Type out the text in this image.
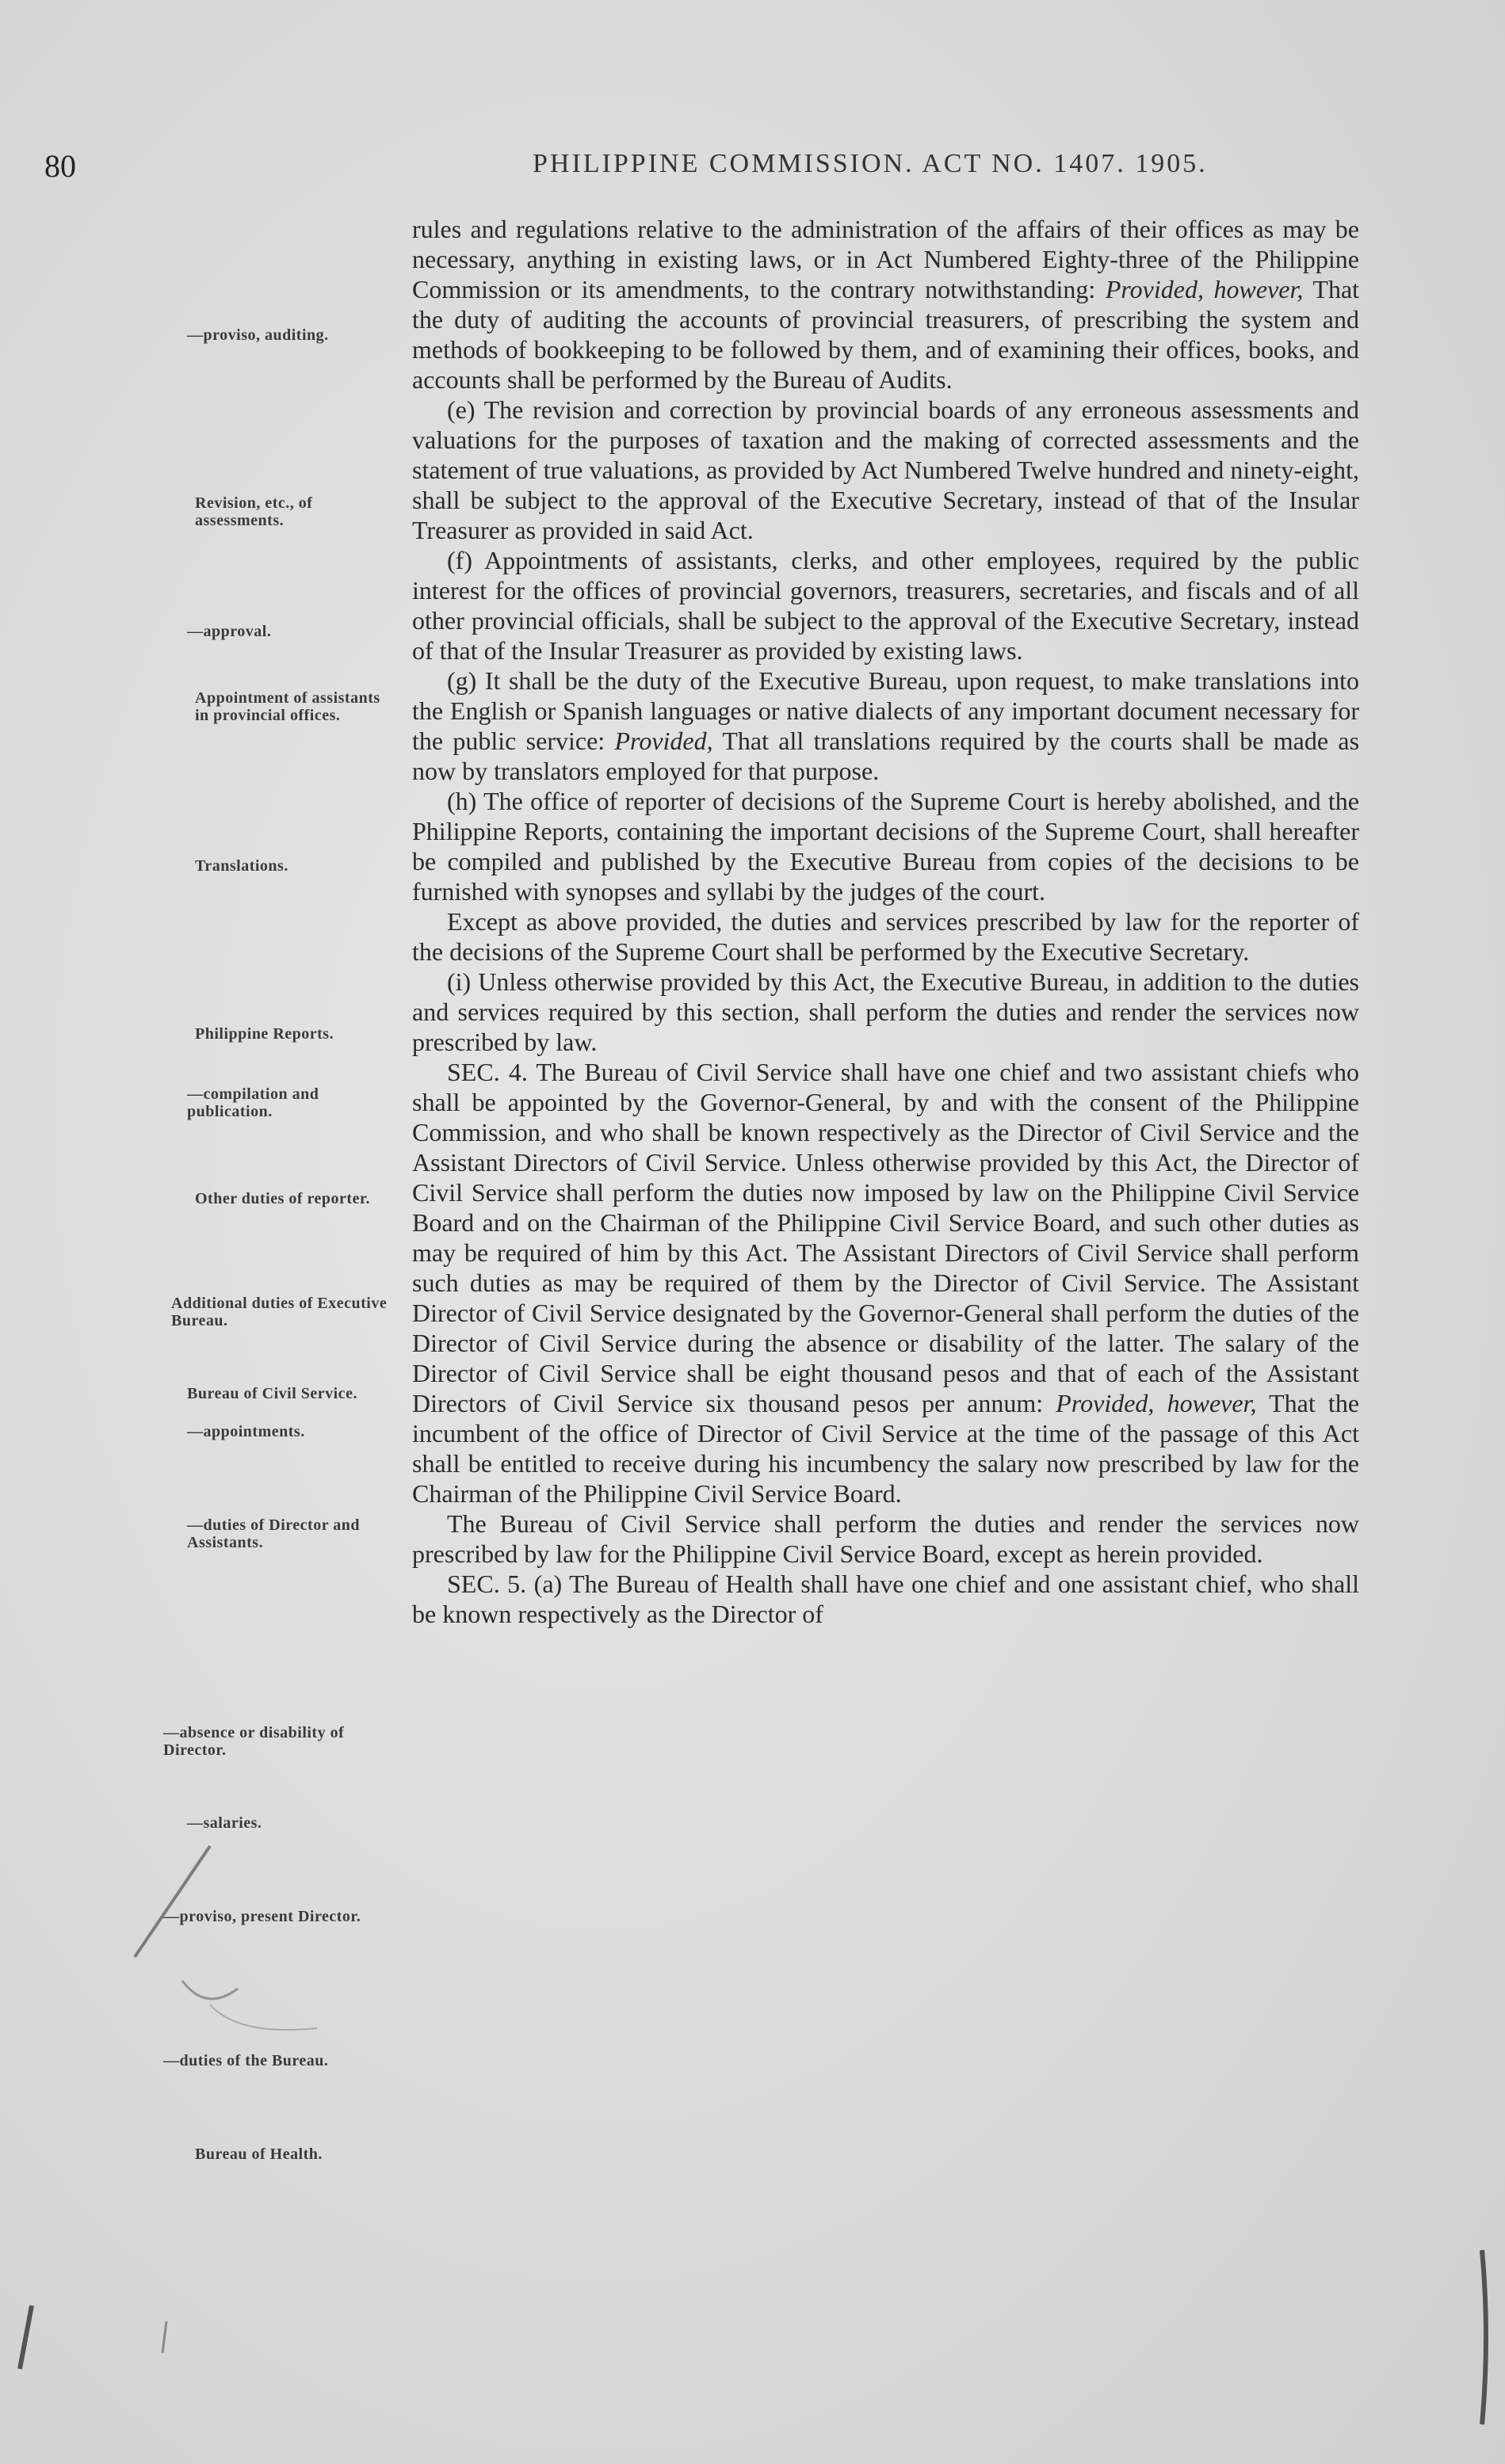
80	PHILIPPINE COMMISSION. ACT NO. 1407. 1905.
—proviso, auditing.
Revision, etc., of assessments.
—approval.
Appointment of assistants in provincial offices.
Translations.
Philippine Reports.
—compilation and publication.
Other duties of reporter.
Additional duties of Executive Bureau.
Bureau of Civil Service.
—appointments.
—duties of Director and Assistants.
—absence or disability of Director.
—salaries.
—proviso, present Director.
—duties of the Bureau.
Bureau of Health.

rules and regulations relative to the administration of the affairs of their offices as may be necessary, anything in existing laws, or in Act Numbered Eighty-three of the Philippine Commission or its amendments, to the contrary notwithstanding: Provided, however, That the duty of auditing the accounts of provincial treasurers, of prescribing the system and methods of bookkeeping to be followed by them, and of examining their offices, books, and accounts shall be performed by the Bureau of Audits.

(e) The revision and correction by provincial boards of any erroneous assessments and valuations for the purposes of taxation and the making of corrected assessments and the statement of true valuations, as provided by Act Numbered Twelve hundred and ninety-eight, shall be subject to the approval of the Executive Secretary, instead of that of the Insular Treasurer as provided in said Act.

(f) Appointments of assistants, clerks, and other employees, required by the public interest for the offices of provincial governors, treasurers, secretaries, and fiscals and of all other provincial officials, shall be subject to the approval of the Executive Secretary, instead of that of the Insular Treasurer as provided by existing laws.

(g) It shall be the duty of the Executive Bureau, upon request, to make translations into the English or Spanish languages or native dialects of any important document necessary for the public service: Provided, That all translations required by the courts shall be made as now by translators employed for that purpose.

(h) The office of reporter of decisions of the Supreme Court is hereby abolished, and the Philippine Reports, containing the important decisions of the Supreme Court, shall hereafter be compiled and published by the Executive Bureau from copies of the decisions to be furnished with synopses and syllabi by the judges of the court.

Except as above provided, the duties and services prescribed by law for the reporter of the decisions of the Supreme Court shall be performed by the Executive Secretary.

(i) Unless otherwise provided by this Act, the Executive Bureau, in addition to the duties and services required by this section, shall perform the duties and render the services now prescribed by law.

SEC. 4. The Bureau of Civil Service shall have one chief and two assistant chiefs who shall be appointed by the Governor-General, by and with the consent of the Philippine Commission, and who shall be known respectively as the Director of Civil Service and the Assistant Directors of Civil Service. Unless otherwise provided by this Act, the Director of Civil Service shall perform the duties now imposed by law on the Philippine Civil Service Board and on the Chairman of the Philippine Civil Service Board, and such other duties as may be required of him by this Act. The Assistant Directors of Civil Service shall perform such duties as may be required of them by the Director of Civil Service. The Assistant Director of Civil Service designated by the Governor-General shall perform the duties of the Director of Civil Service during the absence or disability of the latter. The salary of the Director of Civil Service shall be eight thousand pesos and that of each of the Assistant Directors of Civil Service six thousand pesos per annum: Provided, however, That the incumbent of the office of Director of Civil Service at the time of the passage of this Act shall be entitled to receive during his incumbency the salary now prescribed by law for the Chairman of the Philippine Civil Service Board.

The Bureau of Civil Service shall perform the duties and render the services now prescribed by law for the Philippine Civil Service Board, except as herein provided.

SEC. 5. (a) The Bureau of Health shall have one chief and one assistant chief, who shall be known respectively as the Director of
